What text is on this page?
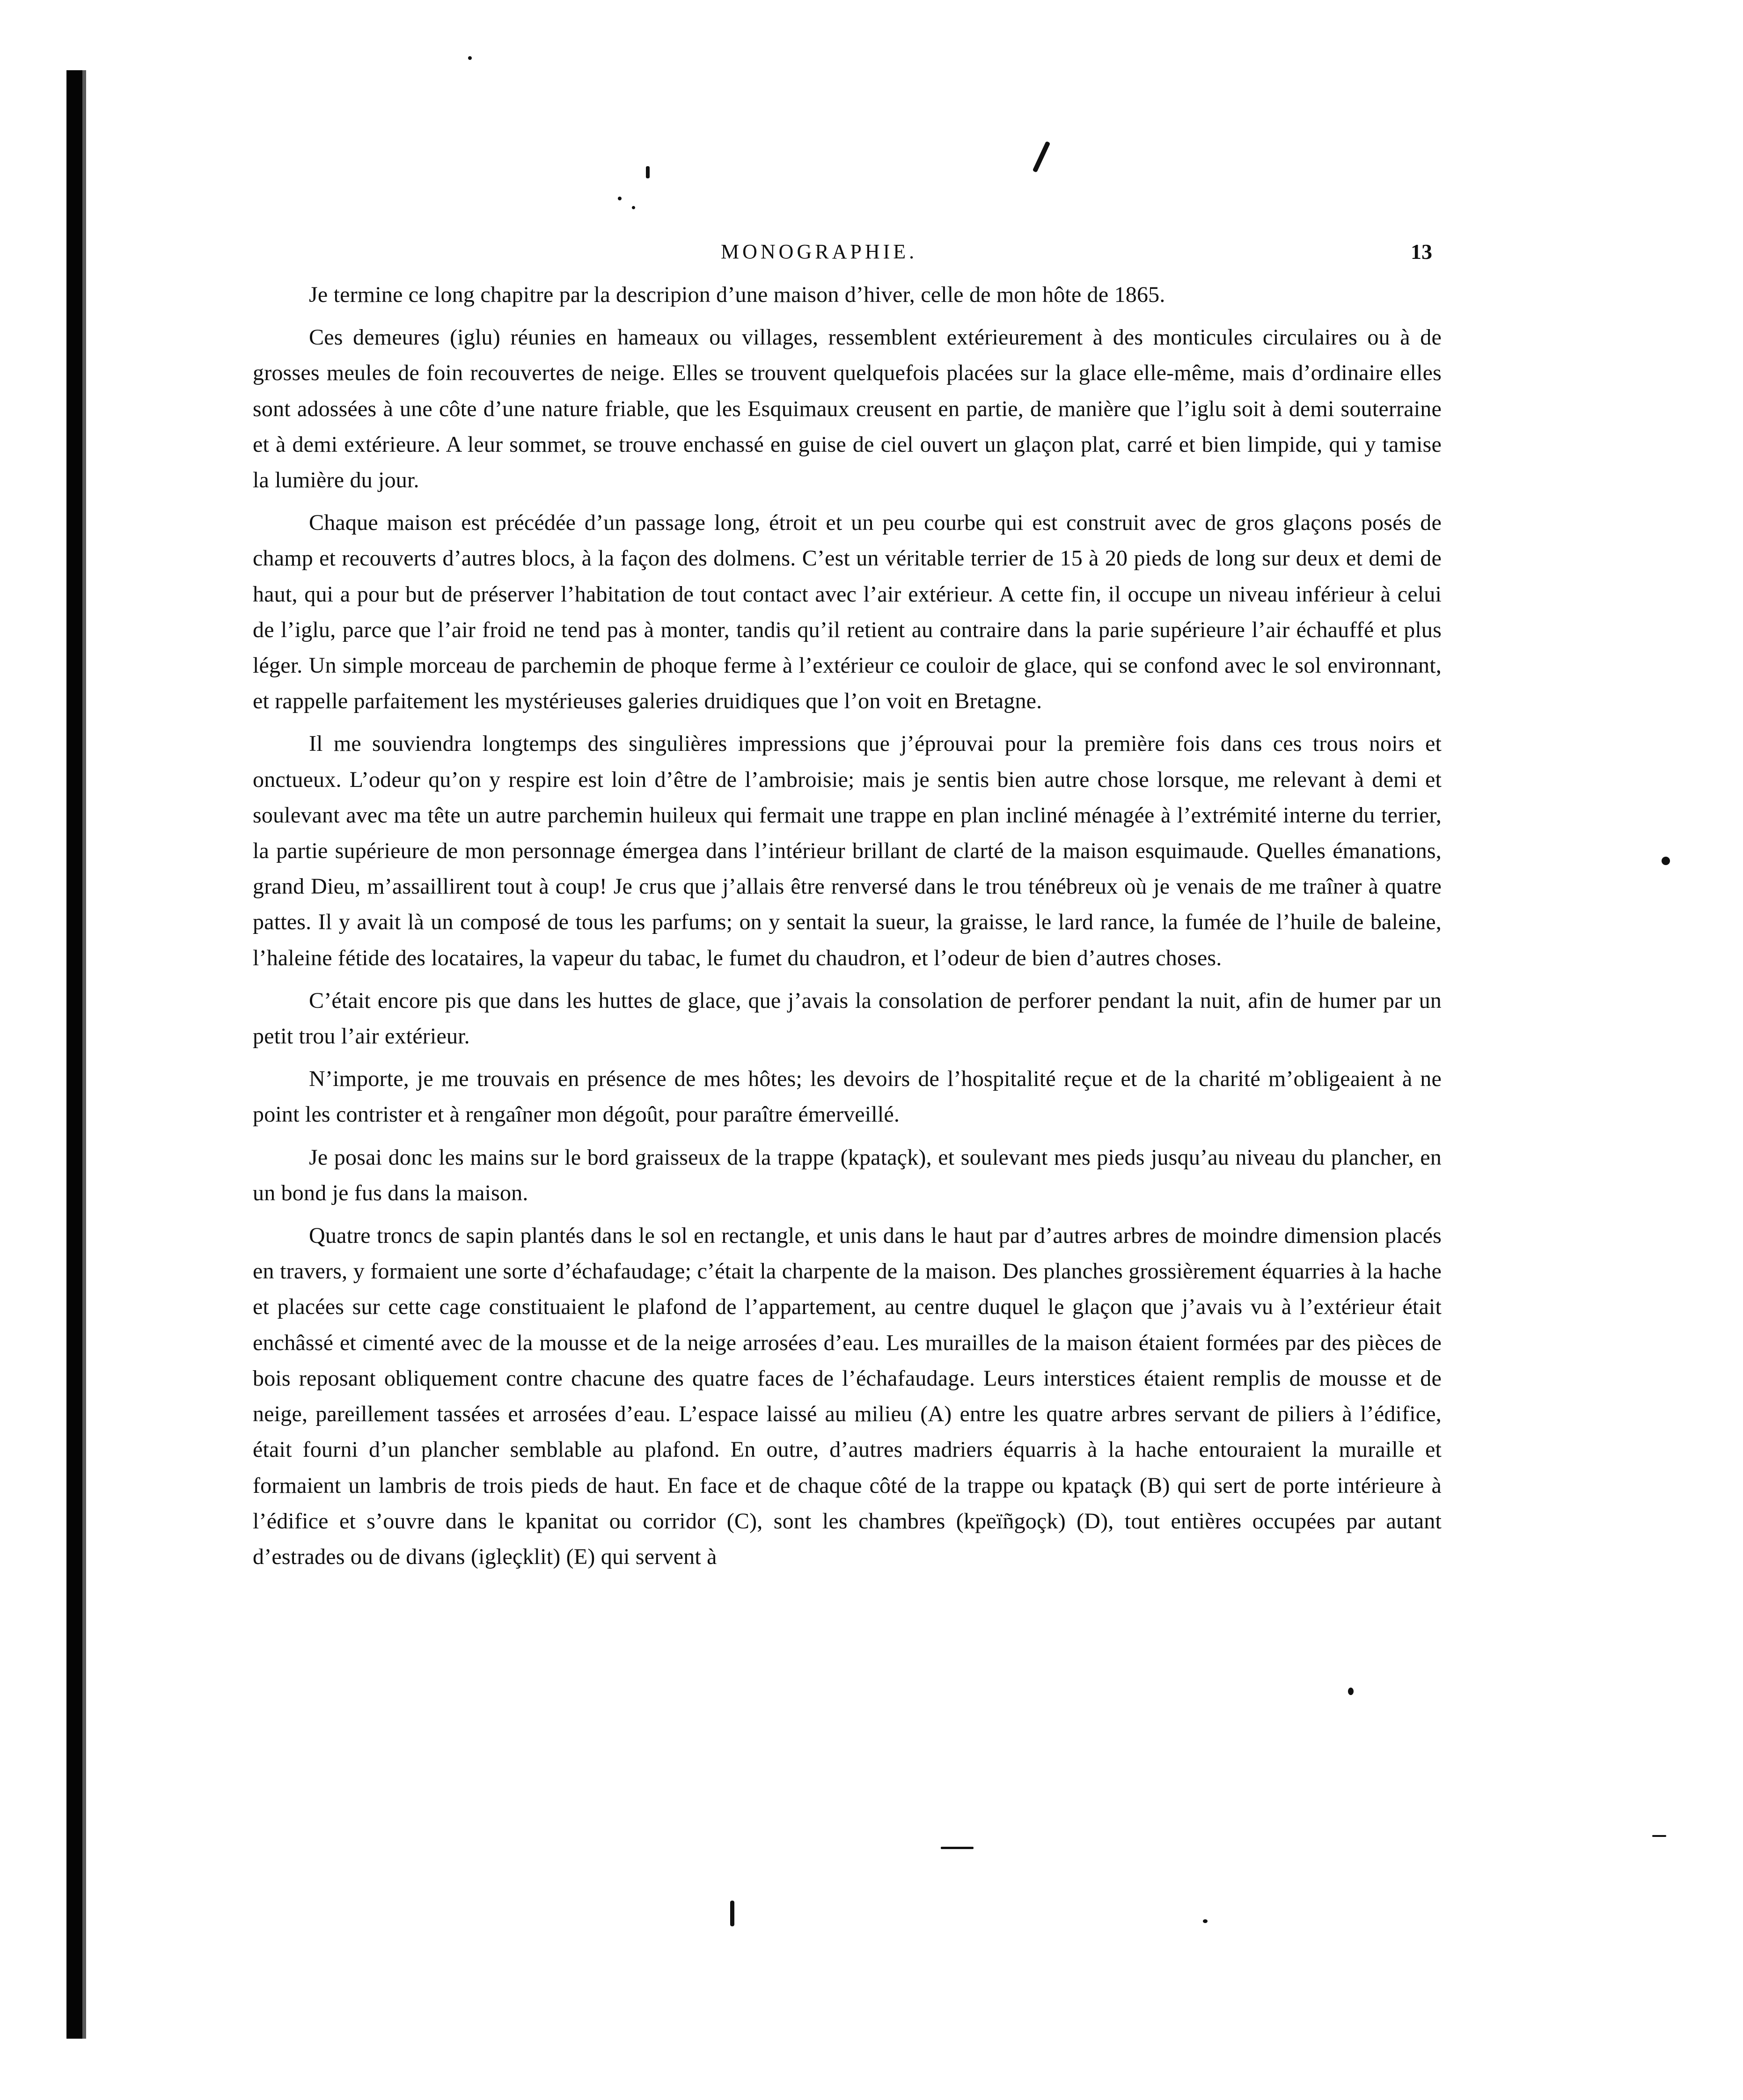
MONOGRAPHIE.	13

Je termine ce long chapitre par la descripion d’une maison d’hiver, celle de mon hôte de 1865.

Ces demeures (iglu) réunies en hameaux ou villages, ressemblent extérieurement à des monticules circulaires ou à de grosses meules de foin recouvertes de neige. Elles se trouvent quelquefois placées sur la glace elle-même, mais d’ordinaire elles sont adossées à une côte d’une nature friable, que les Esquimaux creusent en partie, de manière que l’iglu soit à demi souterraine et à demi extérieure. A leur sommet, se trouve enchassé en guise de ciel ouvert un glaçon plat, carré et bien limpide, qui y tamise la lumière du jour.

Chaque maison est précédée d’un passage long, étroit et un peu courbe qui est construit avec de gros glaçons posés de champ et recouverts d’autres blocs, à la façon des dolmens. C’est un véritable terrier de 15 à 20 pieds de long sur deux et demi de haut, qui a pour but de préserver l’habitation de tout contact avec l’air extérieur. A cette fin, il occupe un niveau inférieur à celui de l’iglu, parce que l’air froid ne tend pas à monter, tandis qu’il retient au contraire dans la parie supérieure l’air échauffé et plus léger. Un simple morceau de parchemin de phoque ferme à l’extérieur ce couloir de glace, qui se confond avec le sol environnant, et rappelle parfaitement les mystérieuses galeries druidiques que l’on voit en Bretagne.

Il me souviendra longtemps des singulières impressions que j’éprouvai pour la première fois dans ces trous noirs et onctueux. L’odeur qu’on y respire est loin d’être de l’ambroisie; mais je sentis bien autre chose lorsque, me relevant à demi et soulevant avec ma tête un autre parchemin huileux qui fermait une trappe en plan incliné ménagée à l’extrémité interne du terrier, la partie supérieure de mon personnage émergea dans l’intérieur brillant de clarté de la maison esquimaude. Quelles émanations, grand Dieu, m’assaillirent tout à coup! Je crus que j’allais être renversé dans le trou ténébreux où je venais de me traîner à quatre pattes. Il y avait là un composé de tous les parfums; on y sentait la sueur, la graisse, le lard rance, la fumée de l’huile de baleine, l’haleine fétide des locataires, la vapeur du tabac, le fumet du chaudron, et l’odeur de bien d’autres choses.

C’était encore pis que dans les huttes de glace, que j’avais la consolation de perforer pendant la nuit, afin de humer par un petit trou l’air extérieur.

N’importe, je me trouvais en présence de mes hôtes; les devoirs de l’hospitalité reçue et de la charité m’obligeaient à ne point les contrister et à rengaîner mon dégoût, pour paraître émerveillé.

Je posai donc les mains sur le bord graisseux de la trappe (kpataçk), et soulevant mes pieds jusqu’au niveau du plancher, en un bond je fus dans la maison.

Quatre troncs de sapin plantés dans le sol en rectangle, et unis dans le haut par d’autres arbres de moindre dimension placés en travers, y formaient une sorte d’échafaudage; c’était la charpente de la maison. Des planches grossièrement équarries à la hache et placées sur cette cage constituaient le plafond de l’appartement, au centre duquel le glaçon que j’avais vu à l’extérieur était enchâssé et cimenté avec de la mousse et de la neige arrosées d’eau. Les murailles de la maison étaient formées par des pièces de bois reposant obliquement contre chacune des quatre faces de l’échafaudage. Leurs interstices étaient remplis de mousse et de neige, pareillement tassées et arrosées d’eau. L’espace laissé au milieu (A) entre les quatre arbres servant de piliers à l’édifice, était fourni d’un plancher semblable au plafond. En outre, d’autres madriers équarris à la hache entouraient la muraille et formaient un lambris de trois pieds de haut. En face et de chaque côté de la trappe ou kpataçk (B) qui sert de porte intérieure à l’édifice et s’ouvre dans le kpanitat ou corridor (C), sont les chambres (kpeïñgoçk) (D), tout entières occupées par autant d’estrades ou de divans (igleçklit) (E) qui servent à
